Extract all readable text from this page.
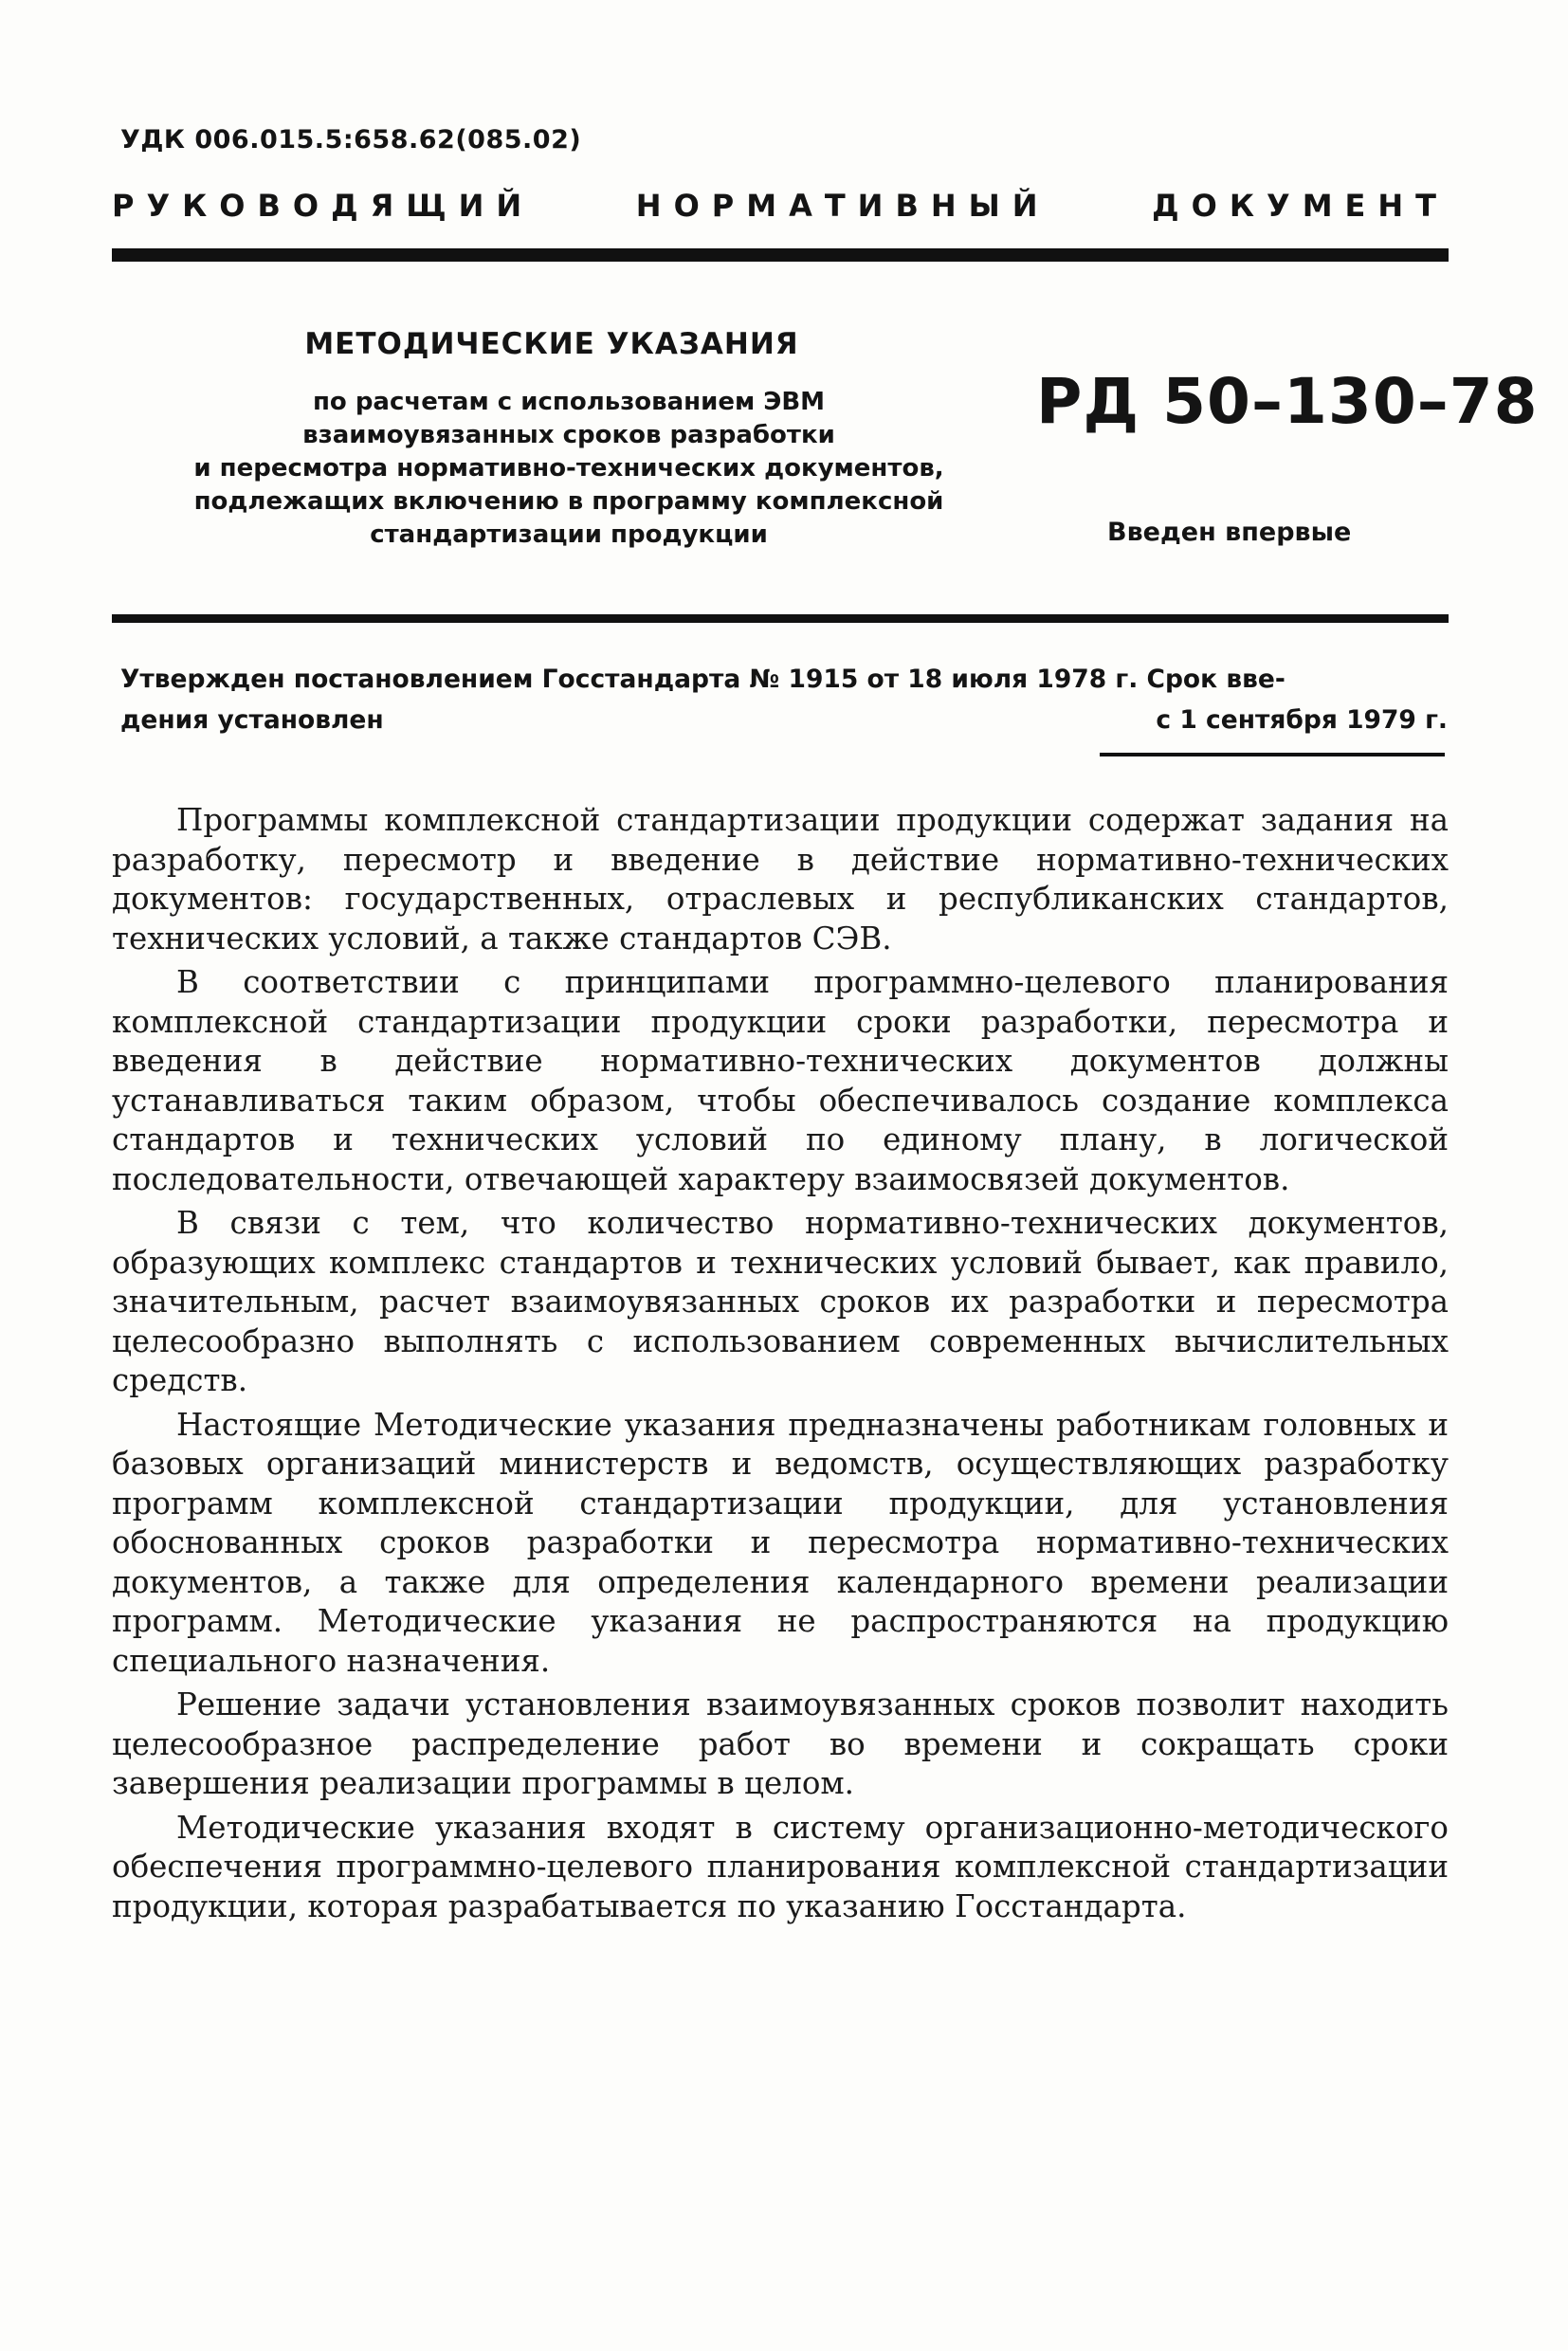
УДК 006.015.5:658.62(085.02)
РУКОВОДЯЩИЙ	НОРМАТИВНЫЙ	ДОКУМЕНТ
МЕТОДИЧЕСКИЕ УКАЗАНИЯ
по расчетам с использованием ЭВМ
взаимоувязанных сроков разработки
и пересмотра нормативно-технических документов,
подлежащих включению в программу комплексной
стандартизации продукции
РД 50–130–78
Введен впервые
Утвержден постановлением Госстандарта № 1915 от 18 июля 1978 г. Срок вве-
дения установлен	с 1 сентября 1979 г.

Программы комплексной стандартизации продукции содержат задания на разработку, пересмотр и введение в действие нормативно-технических документов: государственных, отраслевых и республиканских стандартов, технических условий, а также стандартов СЭВ.

В соответствии с принципами программно-целевого планирования комплексной стандартизации продукции сроки разработки, пересмотра и введения в действие нормативно-технических документов должны устанавливаться таким образом, чтобы обеспечивалось создание комплекса стандартов и технических условий по единому плану, в логической последовательности, отвечающей характеру взаимосвязей документов.

В связи с тем, что количество нормативно-технических документов, образующих комплекс стандартов и технических условий бывает, как правило, значительным, расчет взаимоувязанных сроков их разработки и пересмотра целесообразно выполнять с использованием современных вычислительных средств.

Настоящие Методические указания предназначены работникам головных и базовых организаций министерств и ведомств, осуществляющих разработку программ комплексной стандартизации продукции, для установления обоснованных сроков разработки и пересмотра нормативно-технических документов, а также для определения календарного времени реализации программ. Методические указания не распространяются на продукцию специального назначения.

Решение задачи установления взаимоувязанных сроков позволит находить целесообразное распределение работ во времени и сокращать сроки завершения реализации программы в целом.

Методические указания входят в систему организационно-методического обеспечения программно-целевого планирования комплексной стандартизации продукции, которая разрабатывается по указанию Госстандарта.
